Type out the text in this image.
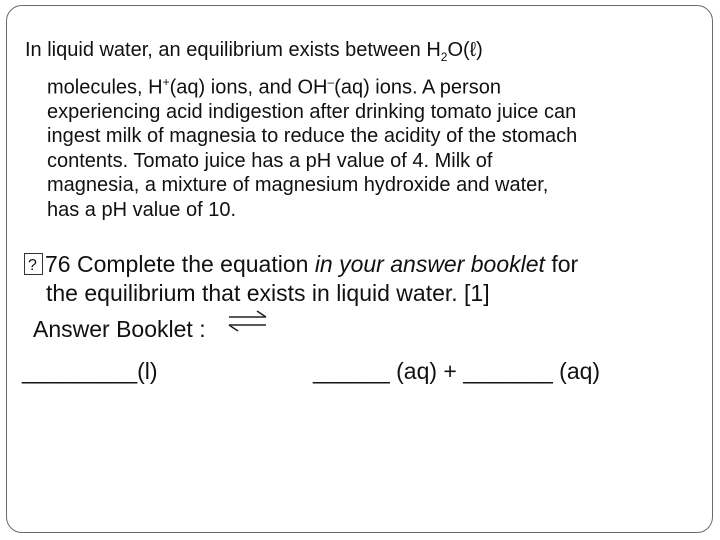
In liquid water, an equilibrium exists between $H_2O(\ell)$
molecules, H+(aq) ions, and OH–(aq) ions. A person
experiencing acid indigestion after drinking tomato juice can
ingest milk of magnesia to reduce the acidity of the stomach
contents. Tomato juice has a pH value of 4. Milk of
magnesia, a mixture of magnesium hydroxide and water,
has a pH value of 10.
?76 Complete the equation in your answer booklet for
the equilibrium that exists in liquid water. [1]
Answer Booklet : ⇌
_________(l)	______ (aq) + _______ (aq)
